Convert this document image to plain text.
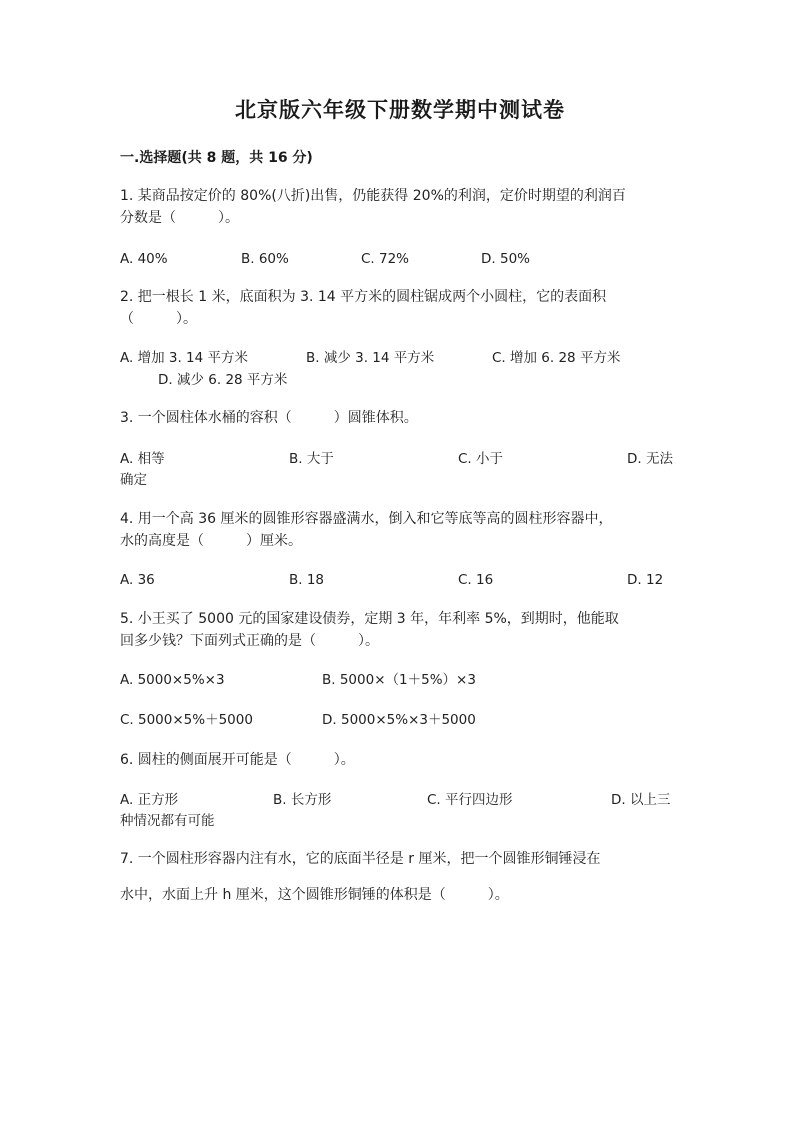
北京版六年级下册数学期中测试卷
一.选择题(共 8 题，共 16 分)
1. 某商品按定价的 80%(八折)出售，仍能获得 20%的利润，定价时期望的利润百
分数是（　　　）。
A. 40%	B. 60%	C. 72%	D. 50%
2. 把一根长 1 米，底面积为 3. 14 平方米的圆柱锯成两个小圆柱，它的表面积
（　　　）。
A. 增加 3. 14 平方米	B. 减少 3. 14 平方米	C. 增加 6. 28 平方米
D. 减少 6. 28 平方米
3. 一个圆柱体水桶的容积（　　　）圆锥体积。
A. 相等	B. 大于	C. 小于	D. 无法
确定
4. 用一个高 36 厘米的圆锥形容器盛满水，倒入和它等底等高的圆柱形容器中，
水的高度是（　　　）厘米。
A. 36	B. 18	C. 16	D. 12
5. 小王买了 5000 元的国家建设债券，定期 3 年，年利率 5%，到期时，他能取
回多少钱？下面列式正确的是（　　　）。
A. 5000×5%×3	B. 5000×（1＋5%）×3
C. 5000×5%＋5000	D. 5000×5%×3＋5000
6. 圆柱的侧面展开可能是（　　　）。
A. 正方形	B. 长方形	C. 平行四边形	D. 以上三
种情况都有可能
7. 一个圆柱形容器内注有水，它的底面半径是 r 厘米，把一个圆锥形铜锤浸在
水中，水面上升 h 厘米，这个圆锥形铜锤的体积是（　　　）。
